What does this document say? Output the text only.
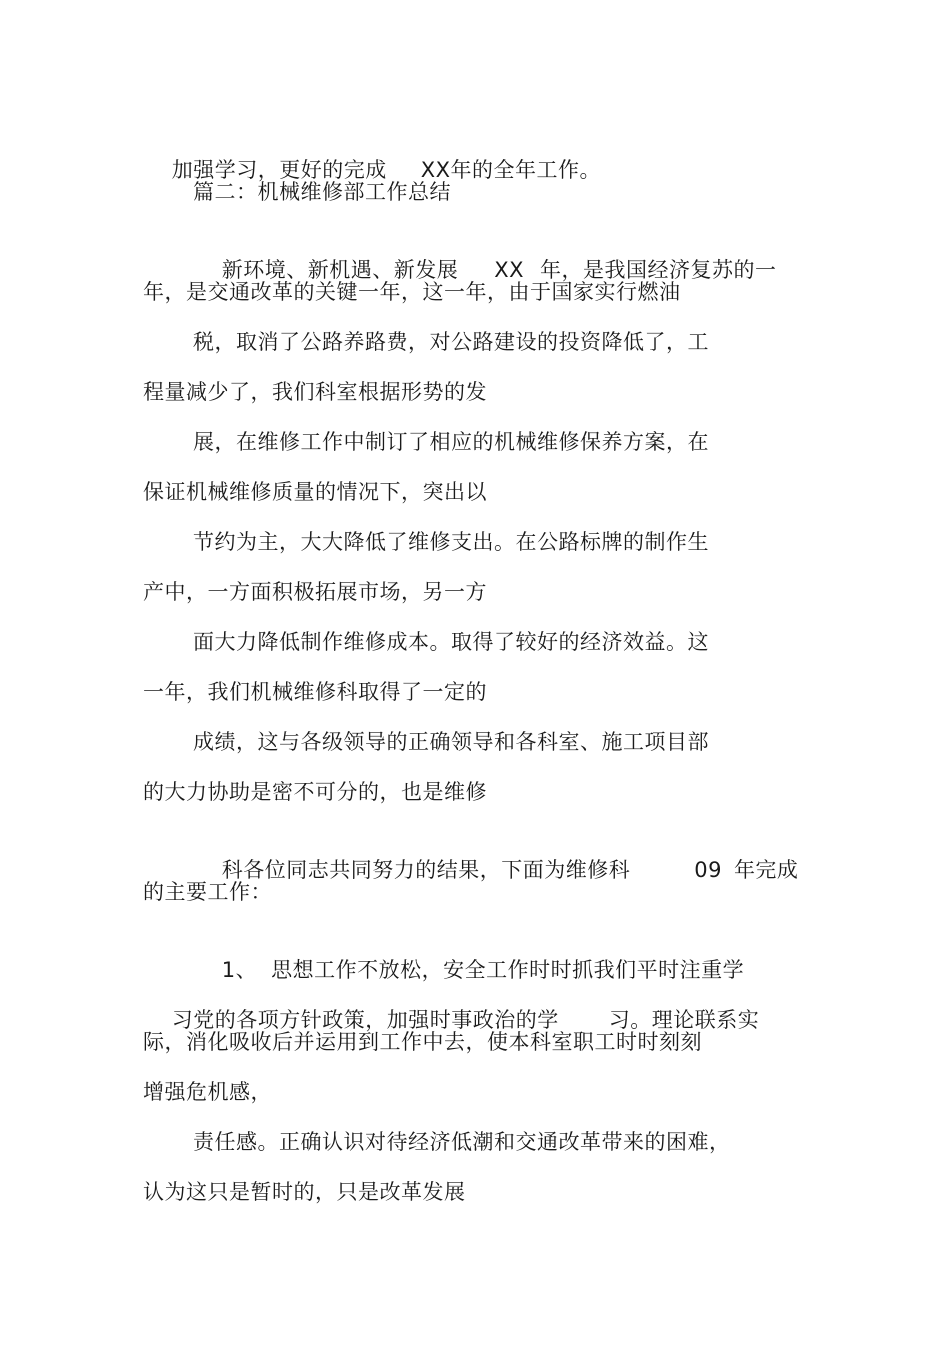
加强学习，更好的完成 XX年的全年工作。

篇二：机械维修部工作总结

新环境、新机遇、新发展 XX 年，是我国经济复苏的一

年，是交通改革的关键一年，这一年，由于国家实行燃油
税，取消了公路养路费，对公路建设的投资降低了，工
程量减少了，我们科室根据形势的发
展，在维修工作中制订了相应的机械维修保养方案，在
保证机械维修质量的情况下，突出以
节约为主，大大降低了维修支出。在公路标牌的制作生
产中，一方面积极拓展市场，另一方
面大力降低制作维修成本。取得了较好的经济效益。这
一年，我们机械维修科取得了一定的
成绩，这与各级领导的正确领导和各科室、施工项目部
的大力协助是密不可分的，也是维修

科各位同志共同努力的结果，下面为维修科	09 年完成

的主要工作：

1、 思想工作不放松，安全工作时时抓我们平时注重学

习党的各项方针政策，加强时事政治的学 习。理论联系实

际，消化吸收后并运用到工作中去，使本科室职工时时刻刻
增强危机感，
责任感。正确认识对待经济低潮和交通改革带来的困难，
认为这只是暂时的，只是改革发展
